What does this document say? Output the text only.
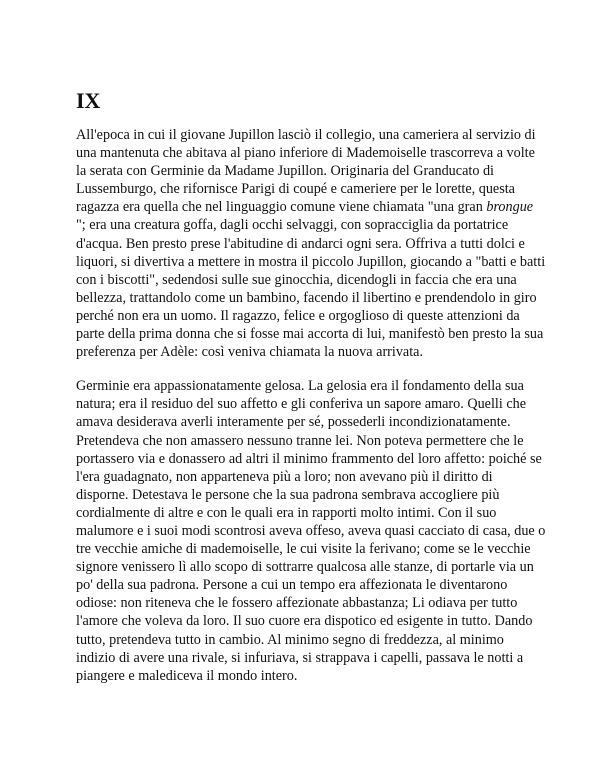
IX

All'epoca in cui il giovane Jupillon lasciò il collegio, una cameriera al servizio di una mantenuta che abitava al piano inferiore di Mademoiselle trascorreva a volte la serata con Germinie da Madame Jupillon. Originaria del Granducato di Lussemburgo, che rifornisce Parigi di coupé e cameriere per le lorette, questa ragazza era quella che nel linguaggio comune viene chiamata "una gran brongue "; era una creatura goffa, dagli occhi selvaggi, con sopracciglia da portatrice d'acqua. Ben presto prese l'abitudine di andarci ogni sera. Offriva a tutti dolci e liquori, si divertiva a mettere in mostra il piccolo Jupillon, giocando a "batti e batti con i biscotti", sedendosi sulle sue ginocchia, dicendogli in faccia che era una bellezza, trattandolo come un bambino, facendo il libertino e prendendolo in giro perché non era un uomo. Il ragazzo, felice e orgoglioso di queste attenzioni da parte della prima donna che si fosse mai accorta di lui, manifestò ben presto la sua preferenza per Adèle: così veniva chiamata la nuova arrivata.

Germinie era appassionatamente gelosa. La gelosia era il fondamento della sua natura; era il residuo del suo affetto e gli conferiva un sapore amaro. Quelli che amava desiderava averli interamente per sé, possederli incondizionatamente. Pretendeva che non amassero nessuno tranne lei. Non poteva permettere che le portassero via e donassero ad altri il minimo frammento del loro affetto: poiché se l'era guadagnato, non apparteneva più a loro; non avevano più il diritto di disporne. Detestava le persone che la sua padrona sembrava accogliere più cordialmente di altre e con le quali era in rapporti molto intimi. Con il suo malumore e i suoi modi scontrosi aveva offeso, aveva quasi cacciato di casa, due o tre vecchie amiche di mademoiselle, le cui visite la ferivano; come se le vecchie signore venissero lì allo scopo di sottrarre qualcosa alle stanze, di portarle via un po' della sua padrona. Persone a cui un tempo era affezionata le diventarono odiose: non riteneva che le fossero affezionate abbastanza; Li odiava per tutto l'amore che voleva da loro. Il suo cuore era dispotico ed esigente in tutto. Dando tutto, pretendeva tutto in cambio. Al minimo segno di freddezza, al minimo indizio di avere una rivale, si infuriava, si strappava i capelli, passava le notti a piangere e malediceva il mondo intero.
